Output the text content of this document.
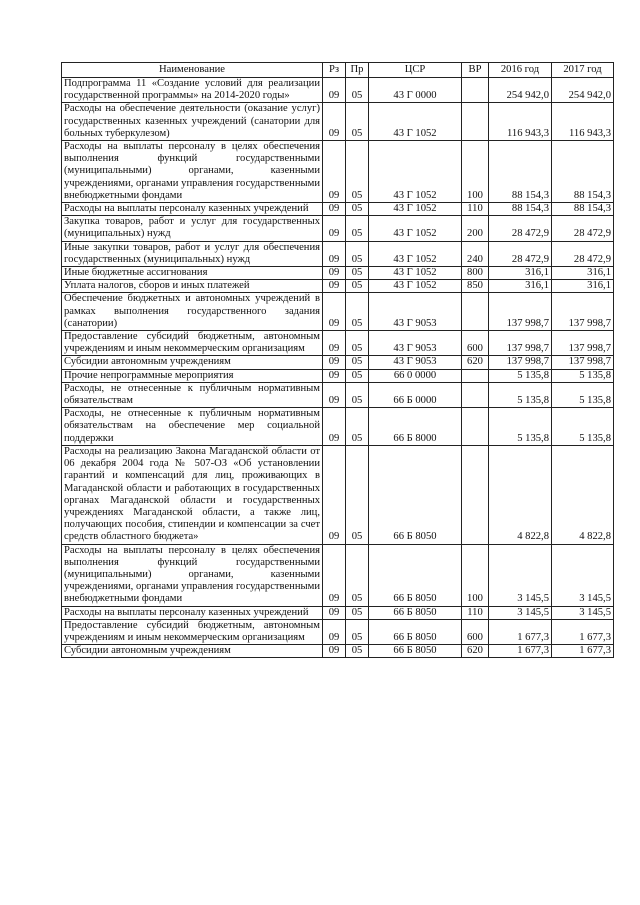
Наименование	Рз	Пр	ЦСР	ВР	2016 год	2017 год
Подпрограмма 11 «Создание условий для реализации государственной программы» на 2014-2020 годы»	09	05	43 Г 0000		254 942,0	254 942,0
Расходы на обеспечение деятельности (оказание услуг) государственных казенных учреждений (санатории для больных туберкулезом)	09	05	43 Г 1052		116 943,3	116 943,3
Расходы на выплаты персоналу в целях обеспечения выполнения функций государственными (муниципальными) органами, казенными учреждениями, органами управления государственными внебюджетными фондами	09	05	43 Г 1052	100	88 154,3	88 154,3
Расходы на выплаты персоналу казенных учреждений	09	05	43 Г 1052	110	88 154,3	88 154,3
Закупка товаров, работ и услуг для государственных (муниципальных) нужд	09	05	43 Г 1052	200	28 472,9	28 472,9
Иные закупки товаров, работ и услуг для обеспечения государственных (муниципальных) нужд	09	05	43 Г 1052	240	28 472,9	28 472,9
Иные бюджетные ассигнования	09	05	43 Г 1052	800	316,1	316,1
Уплата налогов, сборов и иных платежей	09	05	43 Г 1052	850	316,1	316,1
Обеспечение бюджетных и автономных учреждений в рамках выполнения государственного задания (санатории)	09	05	43 Г 9053		137 998,7	137 998,7
Предоставление субсидий бюджетным, автономным учреждениям и иным некоммерческим организациям	09	05	43 Г 9053	600	137 998,7	137 998,7
Субсидии автономным учреждениям	09	05	43 Г 9053	620	137 998,7	137 998,7
Прочие непрограммные мероприятия	09	05	66 0 0000		5 135,8	5 135,8
Расходы, не отнесенные к публичным нормативным обязательствам	09	05	66 Б 0000		5 135,8	5 135,8
Расходы, не отнесенные к публичным нормативным обязательствам на обеспечение мер социальной поддержки	09	05	66 Б 8000		5 135,8	5 135,8
Расходы на реализацию Закона Магаданской области от 06 декабря 2004 года № 507-ОЗ «Об установлении гарантий и компенсаций для лиц, проживающих в Магаданской области и работающих в государственных органах Магаданской области и государственных учреждениях Магаданской области, а также лиц, получающих пособия, стипендии и компенсации за счет средств областного бюджета»	09	05	66 Б 8050		4 822,8	4 822,8
Расходы на выплаты персоналу в целях обеспечения выполнения функций государственными (муниципальными) органами, казенными учреждениями, органами управления государственными внебюджетными фондами	09	05	66 Б 8050	100	3 145,5	3 145,5
Расходы на выплаты персоналу казенных учреждений	09	05	66 Б 8050	110	3 145,5	3 145,5
Предоставление субсидий бюджетным, автономным учреждениям и иным некоммерческим организациям	09	05	66 Б 8050	600	1 677,3	1 677,3
Субсидии автономным учреждениям	09	05	66 Б 8050	620	1 677,3	1 677,3
